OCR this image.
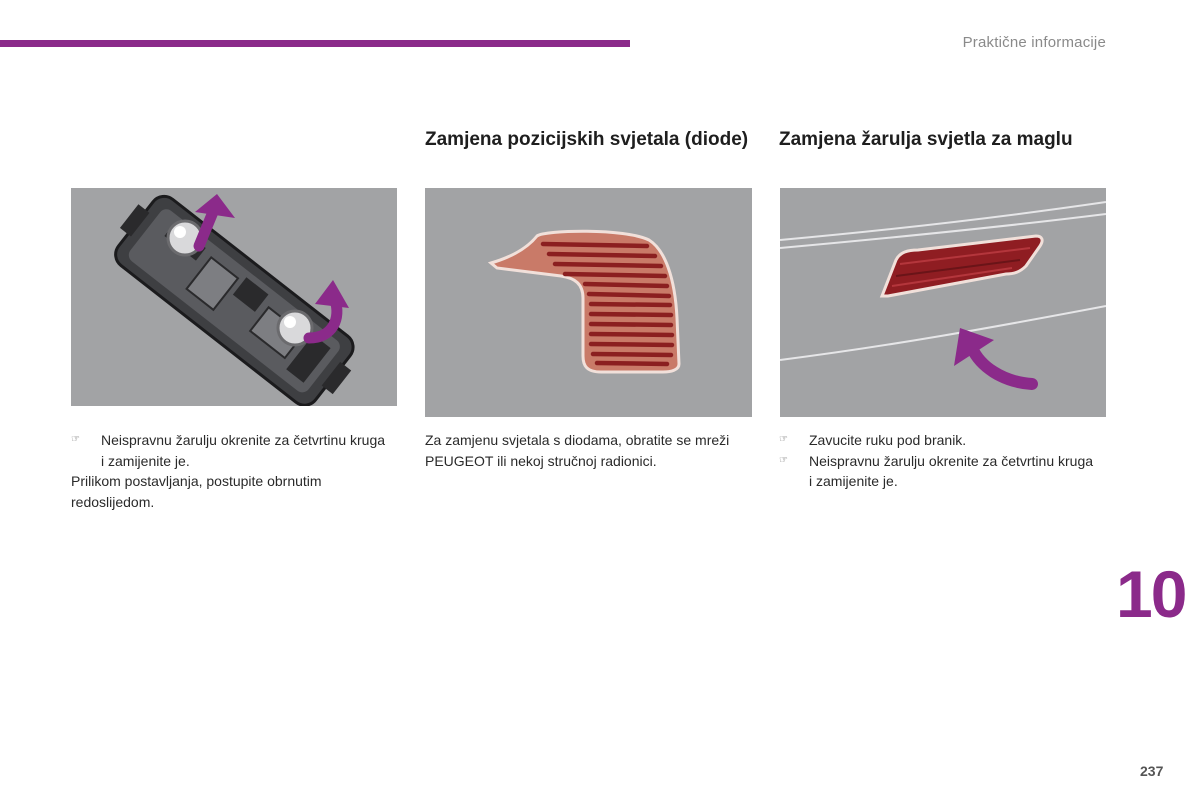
Praktične informacije
☞	Neispravnu žarulju okrenite za četvrtinu kruga i zamijenite je.

Prilikom postavljanja, postupite obrnutim redoslijedom.

Zamjena pozicijskih svjetala (diode)

Za zamjenu svjetala s diodama, obratite se mreži PEUGEOT ili nekoj stručnoj radionici.

Zamjena žarulja svjetla za maglu
☞	Zavucite ruku pod branik.
☞	Neispravnu žarulju okrenite za četvrtinu kruga i zamijenite je.
10
237
